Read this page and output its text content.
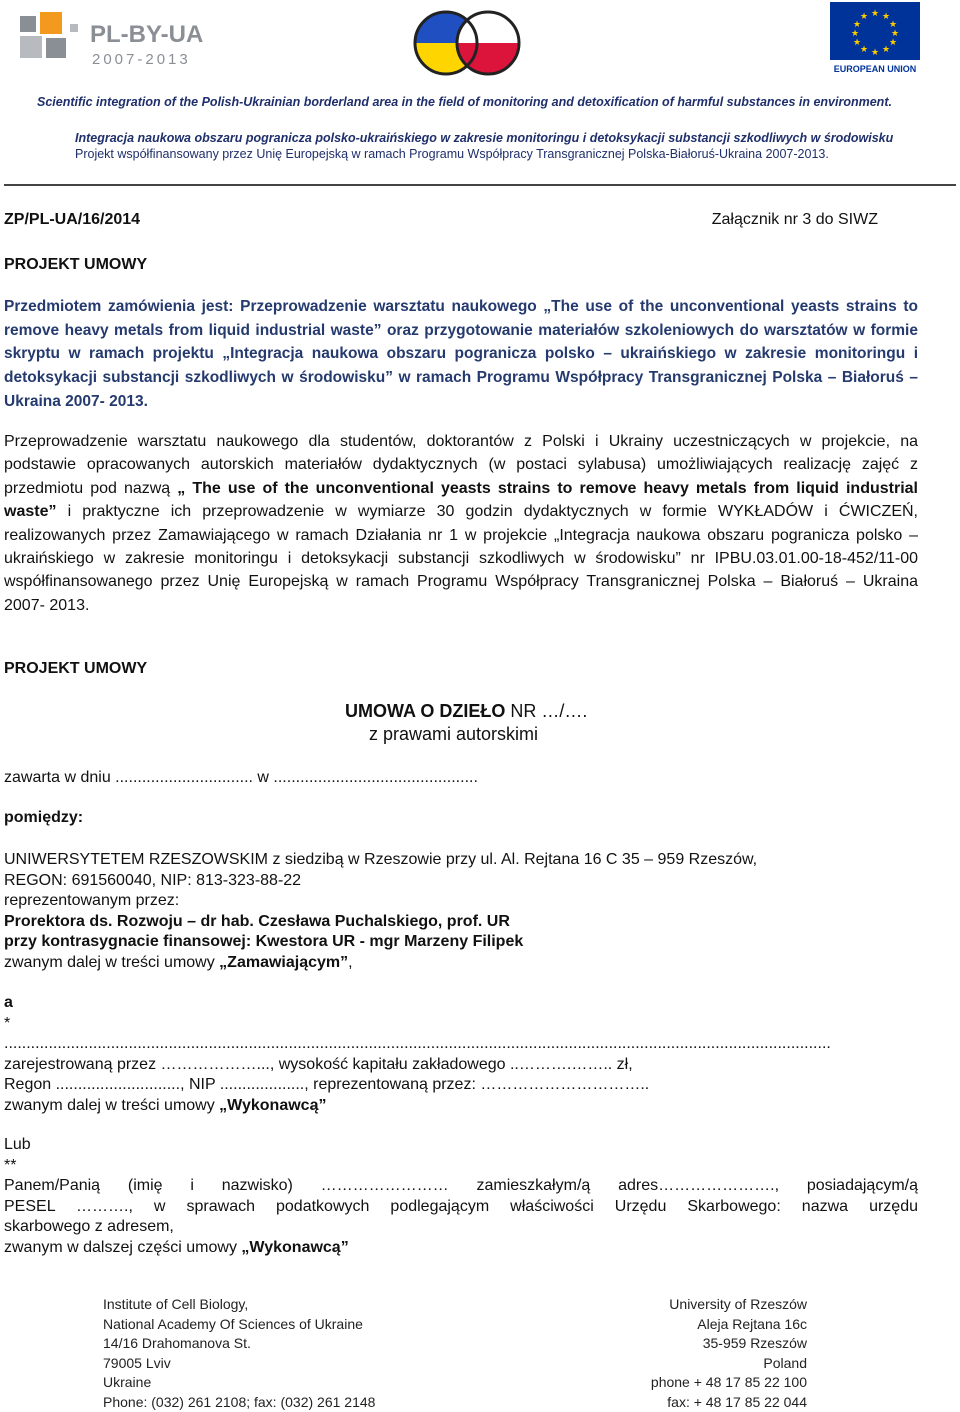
PL-BY-UA
2007-2013
★ ★
★
★
★
★
★
★
★
★
★
★
EUROPEAN UNION
Scientific integration of the Polish-Ukrainian borderland area in the field of monitoring and detoxification of harmful substances in environment.
Integracja naukowa obszaru pogranicza polsko-ukraińskiego w zakresie monitoringu i detoksykacji substancji szkodliwych w środowisku
Projekt współfinansowany przez Unię Europejską w ramach Programu Współpracy Transgranicznej Polska-Białoruś-Ukraina 2007-2013.
ZP/PL-UA/16/2014	Załącznik nr 3 do SIWZ
PROJEKT UMOWY
Przedmiotem zamówienia jest: Przeprowadzenie warsztatu naukowego „The use of the unconventional yeasts strains to remove heavy metals from liquid industrial waste” oraz przygotowanie materiałów szkoleniowych do warsztatów w formie skryptu w ramach projektu „Integracja naukowa obszaru pogranicza polsko – ukraińskiego w zakresie monitoringu i detoksykacji substancji szkodliwych w środowisku” w ramach Programu Współpracy Transgranicznej Polska – Białoruś – Ukraina 2007- 2013.
Przeprowadzenie warsztatu naukowego dla studentów, doktorantów z Polski i Ukrainy uczestniczących w projekcie, na podstawie opracowanych autorskich materiałów dydaktycznych (w postaci sylabusa) umożliwiających realizację zajęć z przedmiotu pod nazwą „ The use of the unconventional yeasts strains to remove heavy metals from liquid industrial waste” i praktyczne ich przeprowadzenie w wymiarze 30 godzin dydaktycznych w formie WYKŁADÓW i ĆWICZEŃ, realizowanych przez Zamawiającego w ramach Działania nr 1 w projekcie „Integracja naukowa obszaru pogranicza polsko – ukraińskiego w zakresie monitoringu i detoksykacji substancji szkodliwych w środowisku” nr IPBU.03.01.00-18-452/11-00 współfinansowanego przez Unię Europejską w ramach Programu Współpracy Transgranicznej Polska – Białoruś – Ukraina 2007- 2013.
PROJEKT UMOWY
UMOWA O DZIEŁO NR …/….
z prawami autorskimi
zawarta w dniu ............................... w ..............................................
pomiędzy:
UNIWERSYTETEM RZESZOWSKIM z siedzibą w Rzeszowie przy ul. Al. Rejtana 16 C 35 – 959 Rzeszów,
REGON: 691560040, NIP: 813-323-88-22
reprezentowanym przez:
Prorektora ds. Rozwoju – dr hab. Czesława Puchalskiego, prof. UR
przy kontrasygnacie finansowej: Kwestora UR - mgr Marzeny Filipek
zwanym dalej w treści umowy „Zamawiającym”,
a
*
..........................................................................................................................................................................................
zarejestrowaną przez ………………..., wysokość kapitału zakładowego ..……….…….. zł,
Regon ............................, NIP ..................., reprezentowaną przez: …………………………..
zwanym dalej w treści umowy „Wykonawcą”
Lub
**
Panem/Panią (imię i nazwisko) …………………… zamieszkałym/ą adres…………………., posiadającym/ą
PESEL ………., w sprawach podatkowych podlegającym właściwości Urzędu Skarbowego: nazwa urzędu
skarbowego z adresem,
zwanym w dalszej części umowy „Wykonawcą”
Institute of Cell Biology,
National Academy Of Sciences of Ukraine
14/16 Drahomanova St.
79005 Lviv
Ukraine
Phone: (032) 261 2108; fax: (032) 261 2148
University of Rzeszów
Aleja Rejtana 16c
35-959 Rzeszów
Poland
phone + 48 17 85 22 100
fax: + 48 17 85 22 044
